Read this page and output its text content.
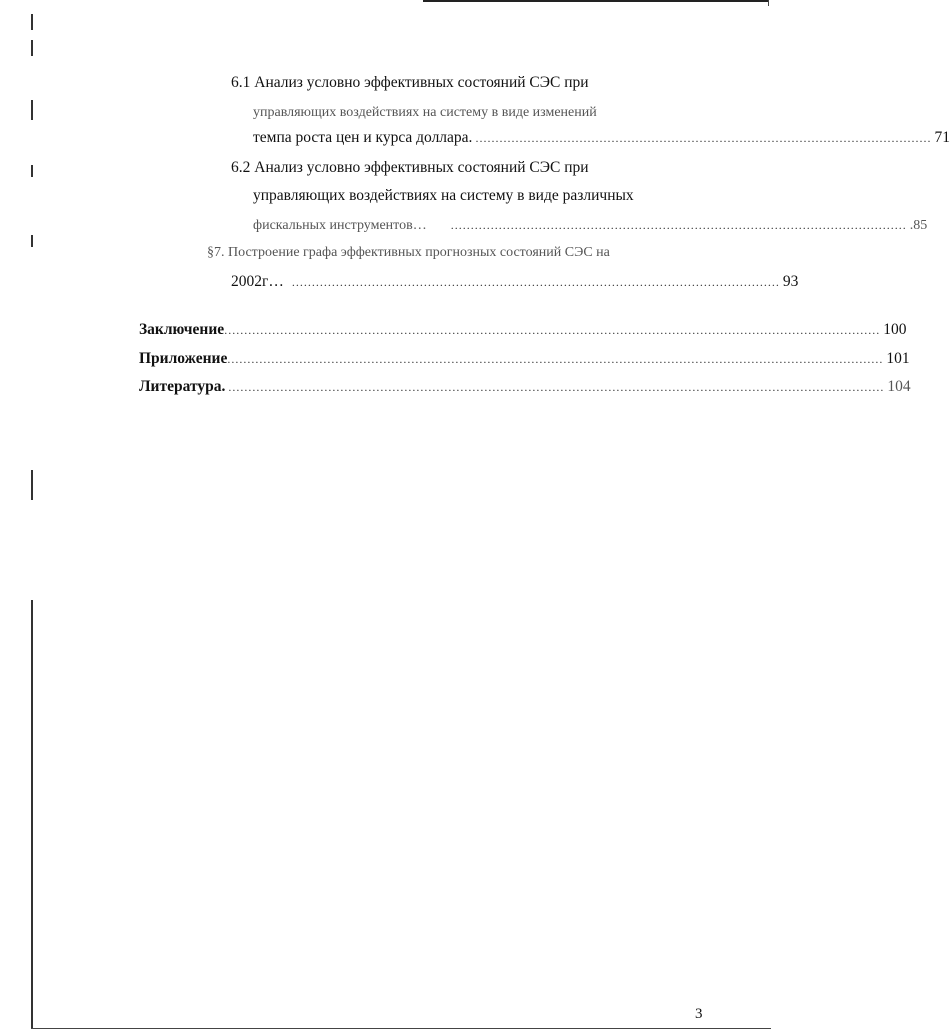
6.1 Анализ условно эффективных состояний СЭС при
управляющих воздействиях на систему в виде изменений
темпа роста цен и курса доллара. .................................................................................................................. 71
6.2 Анализ условно эффективных состояний СЭС при
управляющих воздействиях на систему в виде различных
фискальных инструментов… .................................................................................................................. .85
§7. Построение графа эффективных прогнозных состояний СЭС на
2002г… .......................................................................................................................... 93
Заключение .................................................................................................................................................................... 100
Приложение .................................................................................................................................................................... 101
Литература. .................................................................................................................................................................... 104
3
